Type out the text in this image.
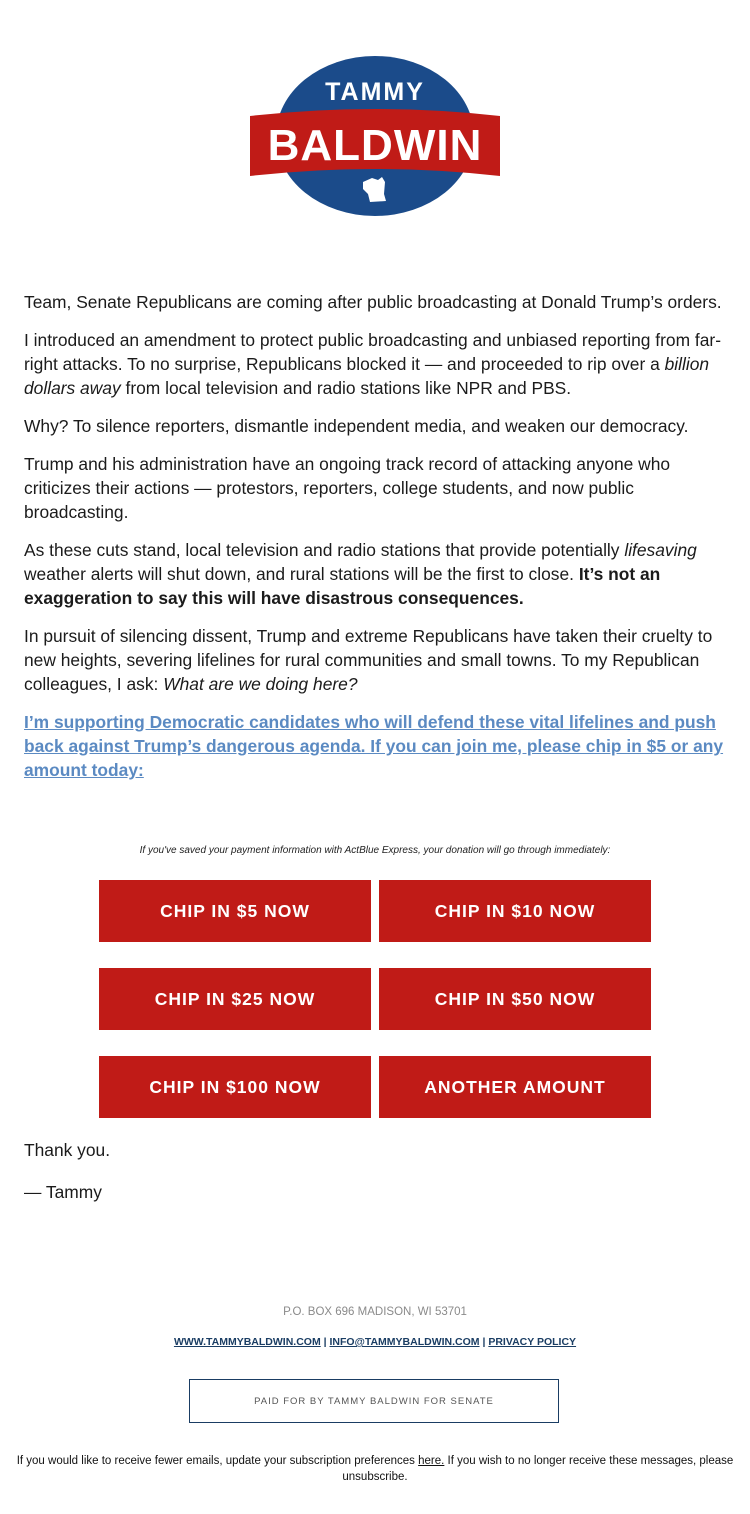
TAMMY
BALDWIN

Team, Senate Republicans are coming after public broadcasting at Donald Trump’s orders.

I introduced an amendment to protect public broadcasting and unbiased reporting from far-right attacks. To no surprise, Republicans blocked it — and proceeded to rip over a billion dollars away from local television and radio stations like NPR and PBS.

Why? To silence reporters, dismantle independent media, and weaken our democracy.

Trump and his administration have an ongoing track record of attacking anyone who criticizes their actions — protestors, reporters, college students, and now public broadcasting.

As these cuts stand, local television and radio stations that provide potentially lifesaving weather alerts will shut down, and rural stations will be the first to close. It’s not an exaggeration to say this will have disastrous consequences.

In pursuit of silencing dissent, Trump and extreme Republicans have taken their cruelty to new heights, severing lifelines for rural communities and small towns. To my Republican colleagues, I ask: What are we doing here?

I’m supporting Democratic candidates who will defend these vital lifelines and push back against Trump’s dangerous agenda. If you can join me, please chip in $5 or any amount today:
If you've saved your payment information with ActBlue Express, your donation will go through immediately:
CHIP IN $5 NOW	CHIP IN $10 NOW
CHIP IN $25 NOW	CHIP IN $50 NOW
CHIP IN $100 NOW	ANOTHER AMOUNT
Thank you.
— Tammy
P.O. BOX 696 MADISON, WI 53701
WWW.TAMMYBALDWIN.COM | INFO@TAMMYBALDWIN.COM | PRIVACY POLICY
PAID FOR BY TAMMY BALDWIN FOR SENATE
If you would like to receive fewer emails, update your subscription preferences here. If you wish to no longer receive these messages, please unsubscribe.
